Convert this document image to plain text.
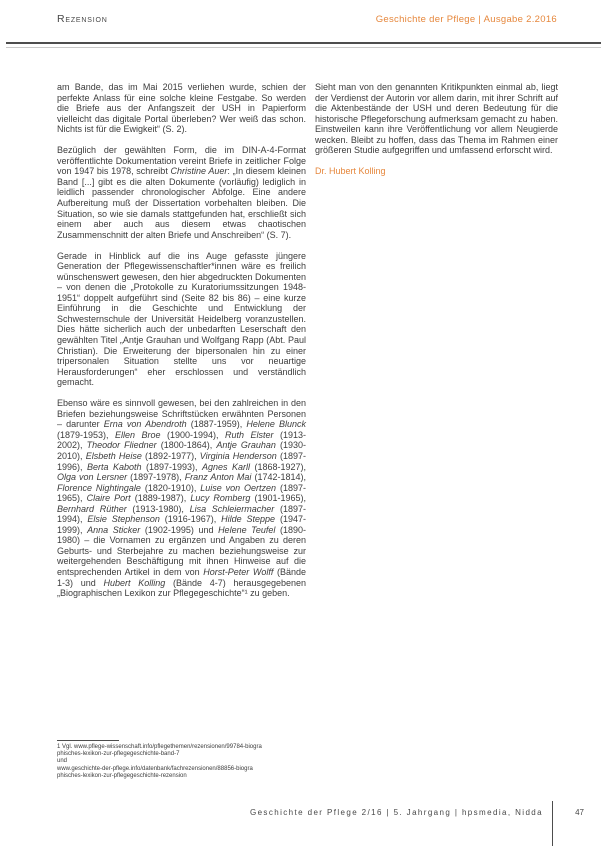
Rezension	Geschichte der Pflege | Ausgabe 2.2016

am Bande, das im Mai 2015 verliehen wurde, schien der perfekte Anlass für eine solche kleine Festgabe. So werden die Briefe aus der Anfangszeit der USH in Papierform vielleicht das digitale Portal überleben? Wer weiß das schon. Nichts ist für die Ewigkeit“ (S. 2).

Bezüglich der gewählten Form, die im DIN-A-4-Format veröffentlichte Dokumentation vereint Briefe in zeitlicher Folge von 1947 bis 1978, schreibt Christine Auer: „In diesem kleinen Band [...] gibt es die alten Dokumente (vorläufig) lediglich in leidlich passender chronologischer Abfolge. Eine andere Aufbereitung muß der Dissertation vorbehalten bleiben. Die Situation, so wie sie damals stattgefunden hat, erschließt sich einem aber auch aus diesem etwas chaotischen Zusammenschnitt der alten Briefe und Anschreiben“ (S. 7).

Gerade in Hinblick auf die ins Auge gefasste jüngere Generation der Pflegewissenschaftler*innen wäre es freilich wünschenswert gewesen, den hier abgedruckten Dokumenten – von denen die „Protokolle zu Kuratoriumssitzungen 1948-1951“ doppelt aufgeführt sind (Seite 82 bis 86) – eine kurze Einführung in die Geschichte und Entwicklung der Schwesternschule der Universität Heidelberg voranzustellen. Dies hätte sicherlich auch der unbedarften Leserschaft den gewählten Titel „Antje Grauhan und Wolfgang Rapp (Abt. Paul Christian). Die Erweiterung der bipersonalen hin zu einer tripersonalen Situation stellte uns vor neuartige Herausforderungen“ eher erschlossen und verständlich gemacht.

Ebenso wäre es sinnvoll gewesen, bei den zahlreichen in den Briefen beziehungsweise Schriftstücken erwähnten Personen – darunter Erna von Abendroth (1887-1959), Helene Blunck (1879-1953), Ellen Broe (1900-1994), Ruth Elster (1913-2002), Theodor Fliedner (1800-1864), Antje Grauhan (1930-2010), Elsbeth Heise (1892-1977), Virginia Henderson (1897-1996), Berta Kaboth (1897-1993), Agnes Karll (1868-1927), Olga von Lersner (1897-1978), Franz Anton Mai (1742-1814), Florence Nightingale (1820-1910), Luise von Oertzen (1897-1965), Claire Port (1889-1987), Lucy Romberg (1901-1965), Bernhard Rüther (1913-1980), Lisa Schleiermacher (1897-1994), Elsie Stephenson (1916-1967), Hilde Steppe (1947-1999), Anna Sticker (1902-1995) und Helene Teufel (1890-1980) – die Vornamen zu ergänzen und Angaben zu deren Geburts- und Sterbejahre zu machen beziehungsweise zur weitergehenden Beschäftigung mit ihnen Hinweise auf die entsprechenden Artikel in dem von Horst-Peter Wolff (Bände 1-3) und Hubert Kolling (Bände 4-7) herausgegebenen „Biographischen Lexikon zur Pflegegeschichte“¹ zu geben.

Sieht man von den genannten Kritikpunkten einmal ab, liegt der Verdienst der Autorin vor allem darin, mit ihrer Schrift auf die Aktenbestände der USH und deren Bedeutung für die historische Pflegeforschung aufmerksam gemacht zu haben. Einstweilen kann ihre Veröffentlichung vor allem Neugierde wecken. Bleibt zu hoffen, dass das Thema im Rahmen einer größeren Studie aufgegriffen und umfassend erforscht wird.

Dr. Hubert Kolling

1 Vgl. www.pflege-wissenschaft.info/pflegethemen/rezensionen/99784-biogra
phisches-lexikon-zur-pflegegeschichte-band-7
und
www.geschichte-der-pflege.info/datenbank/fachrezensionen/88856-biogra
phisches-lexikon-zur-pflegegeschichte-rezension
Geschichte der Pflege 2/16 | 5. Jahrgang | hpsmedia, Nidda	47
